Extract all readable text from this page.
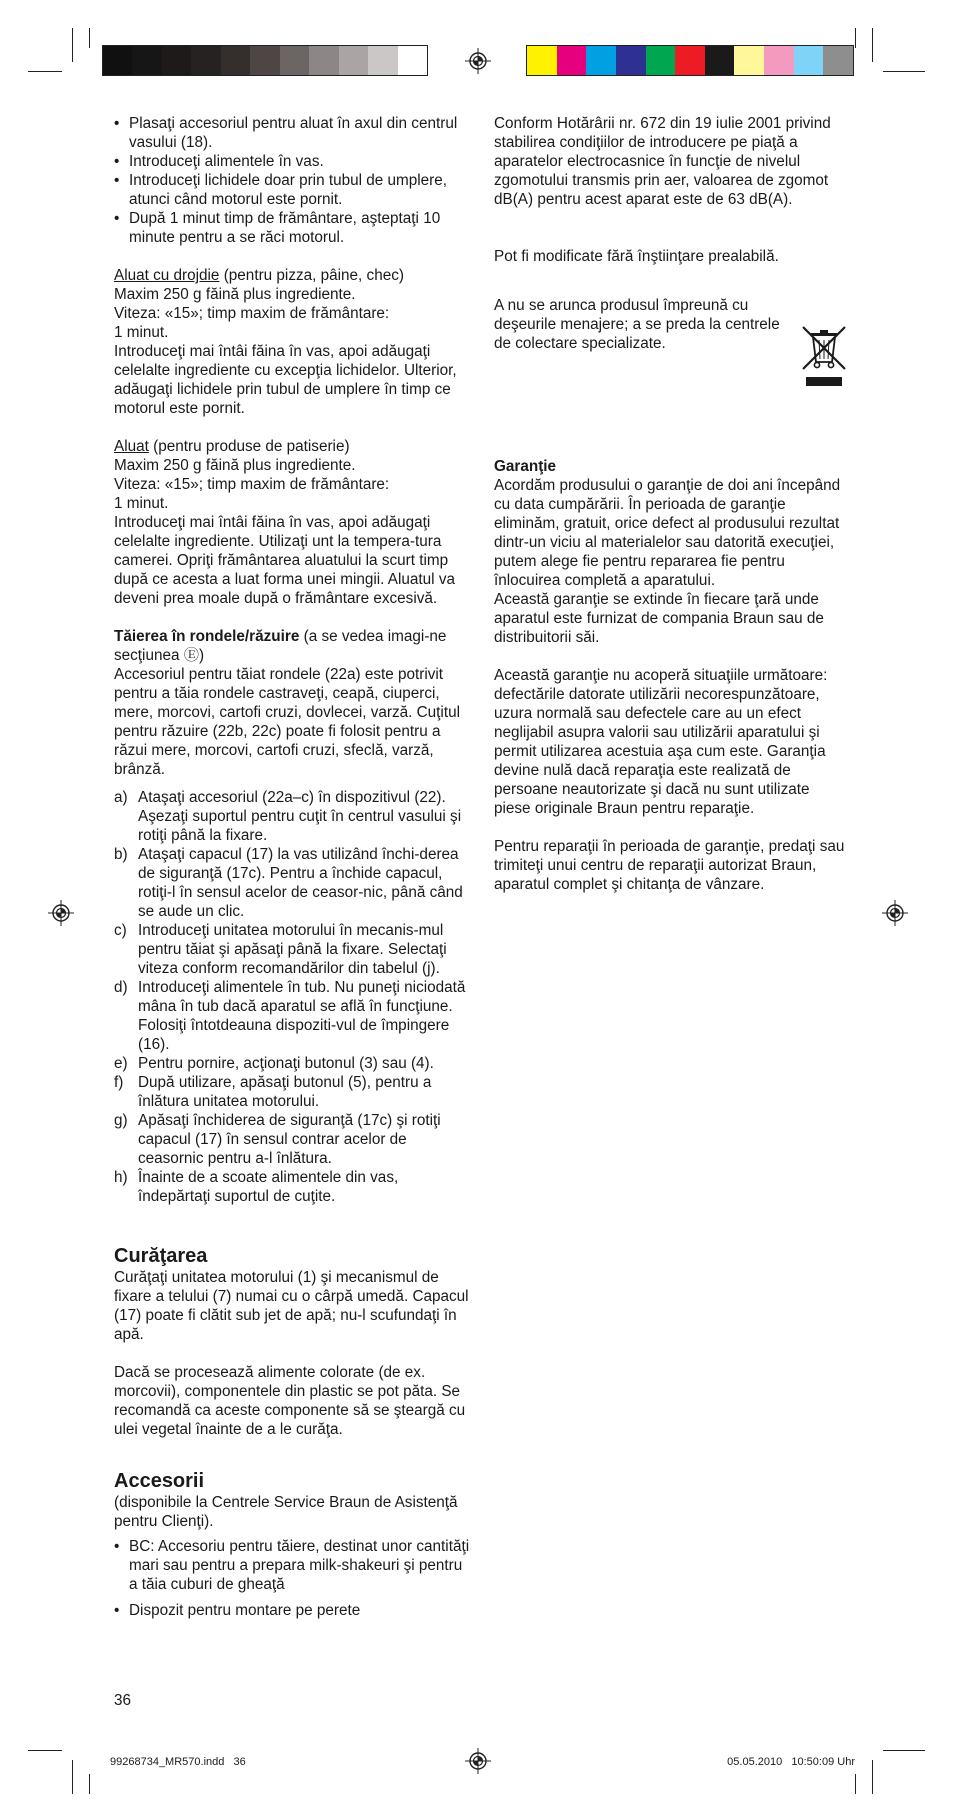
• Plasaţi accesoriul pentru aluat în axul din centrul vasului (18).
• Introduceţi alimentele în vas.
• Introduceţi lichidele doar prin tubul de umplere, atunci când motorul este pornit.
• După 1 minut timp de frământare, aşteptaţi 10 minute pentru a se răci motorul.

Aluat cu drojdie (pentru pizza, pâine, chec)

Maxim 250 g făină plus ingrediente.

Viteza: «15»; timp maxim de frământare:

1 minut.

Introduceţi mai întâi făina în vas, apoi adăugaţi celelalte ingrediente cu excepţia lichidelor. Ulterior, adăugaţi lichidele prin tubul de umplere în timp ce motorul este pornit.

Aluat (pentru produse de patiserie)

Maxim 250 g făină plus ingrediente.

Viteza: «15»; timp maxim de frământare:

1 minut.

Introduceţi mai întâi făina în vas, apoi adăugaţi celelalte ingrediente. Utilizaţi unt la tempera-tura camerei. Opriţi frământarea aluatului la scurt timp după ce acesta a luat forma unei mingii. Aluatul va deveni prea moale după o frământare excesivă.

Tăierea în rondele/răzuire (a se vedea imagi-ne secţiunea Ⓔ)

Accesoriul pentru tăiat rondele (22a) este potrivit pentru a tăia rondele castraveţi, ceapă, ciuperci, mere, morcovi, cartofi cruzi, dovlecei, varză. Cuţitul pentru răzuire (22b, 22c) poate fi folosit pentru a răzui mere, morcovi, cartofi cruzi, sfeclă, varză, brânză.

a) Ataşaţi accesoriul (22a–c) în dispozitivul (22). Aşezaţi suportul pentru cuţit în centrul vasului şi rotiţi până la fixare.
b) Ataşaţi capacul (17) la vas utilizând închi-derea de siguranţă (17c). Pentru a închide capacul, rotiţi-l în sensul acelor de ceasor-nic, până când se aude un clic.
c) Introduceţi unitatea motorului în mecanis-mul pentru tăiat şi apăsaţi până la fixare. Selectaţi viteza conform recomandărilor din tabelul (j).
d) Introduceţi alimentele în tub. Nu puneţi niciodată mâna în tub dacă aparatul se află în funcţiune. Folosiţi întotdeauna dispoziti-vul de împingere (16).
e) Pentru pornire, acţionaţi butonul (3) sau (4).
f) După utilizare, apăsaţi butonul (5), pentru a înlătura unitatea motorului.
g) Apăsaţi închiderea de siguranţă (17c) şi rotiţi capacul (17) în sensul contrar acelor de ceasornic pentru a-l înlătura.
h) Înainte de a scoate alimentele din vas, îndepărtaţi suportul de cuţite.
Curăţarea

Curăţaţi unitatea motorului (1) şi mecanismul de fixare a telului (7) numai cu o cârpă umedă. Capacul (17) poate fi clătit sub jet de apă; nu-l scufundaţi în apă.

Dacă se procesează alimente colorate (de ex. morcovii), componentele din plastic se pot păta. Se recomandă ca aceste componente să se şteargă cu ulei vegetal înainte de a le curăţa.

Accesorii

(disponibile la Centrele Service Braun de Asistenţă pentru Clienţi).

• BC: Accesoriu pentru tăiere, destinat unor cantităţi mari sau pentru a prepara milk-shakeuri şi pentru a tăia cuburi de gheaţă
• Dispozit pentru montare pe perete

Conform Hotărârii nr. 672 din 19 iulie 2001 privind stabilirea condiţiilor de introducere pe piaţă a aparatelor electrocasnice în funcţie de nivelul zgomotului transmis prin aer, valoarea de zgomot dB(A) pentru acest aparat este de 63 dB(A).

Pot fi modificate fără înştiinţare prealabilă.

A nu se arunca produsul împreună cu deşeurile menajere; a se preda la centrele de colectare specializate.

Garanţie

Acordăm produsului o garanţie de doi ani începând cu data cumpărării. În perioada de garanţie eliminăm, gratuit, orice defect al produsului rezultat dintr-un viciu al materialelor sau datorită execuţiei, putem alege fie pentru repararea fie pentru înlocuirea completă a aparatului.

Această garanţie se extinde în fiecare ţară unde aparatul este furnizat de compania Braun sau de distribuitorii săi.

Această garanţie nu acoperă situaţiile următoare: defectările datorate utilizării necorespunzătoare, uzura normală sau defectele care au un efect neglijabil asupra valorii sau utilizării aparatului şi permit utilizarea acestuia aşa cum este. Garanţia devine nulă dacă reparaţia este realizată de persoane neautorizate şi dacă nu sunt utilizate piese originale Braun pentru reparaţie.

Pentru reparaţii în perioada de garanţie, predaţi sau trimiteţi unui centru de reparaţii autorizat Braun, aparatul complet şi chitanţa de vânzare.

36
99268734_MR570.indd   36	05.05.2010   10:50:09 Uhr
